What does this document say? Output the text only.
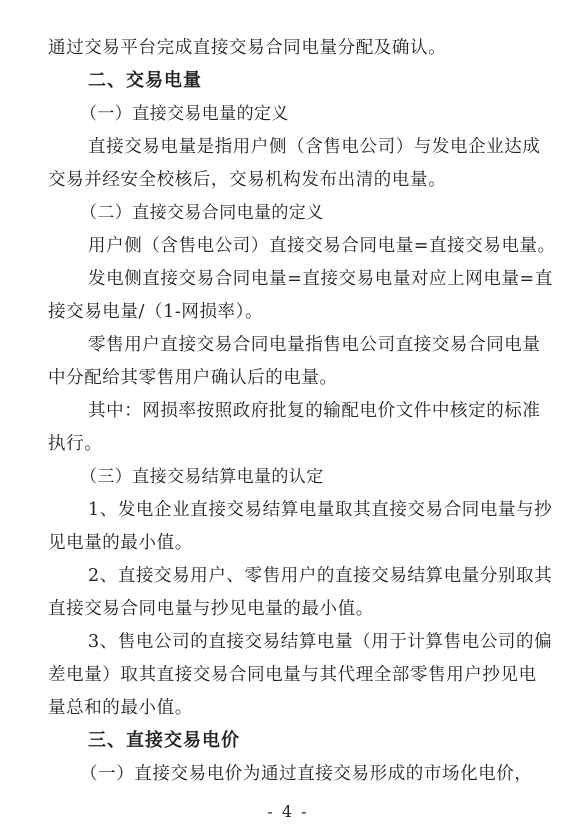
通过交易平台完成直接交易合同电量分配及确认。
二、交易电量
（一）直接交易电量的定义
直接交易电量是指用户侧（含售电公司）与发电企业达成
交易并经安全校核后，交易机构发布出清的电量。
（二）直接交易合同电量的定义
用户侧（含售电公司）直接交易合同电量=直接交易电量。
发电侧直接交易合同电量=直接交易电量对应上网电量=直
接交易电量/（1-网损率）。
零售用户直接交易合同电量指售电公司直接交易合同电量
中分配给其零售用户确认后的电量。
其中：网损率按照政府批复的输配电价文件中核定的标准
执行。
（三）直接交易结算电量的认定
1、发电企业直接交易结算电量取其直接交易合同电量与抄
见电量的最小值。
2、直接交易用户、零售用户的直接交易结算电量分别取其
直接交易合同电量与抄见电量的最小值。
3、售电公司的直接交易结算电量（用于计算售电公司的偏
差电量）取其直接交易合同电量与其代理全部零售用户抄见电
量总和的最小值。
三、直接交易电价
（一）直接交易电价为通过直接交易形成的市场化电价，
- 4 -
